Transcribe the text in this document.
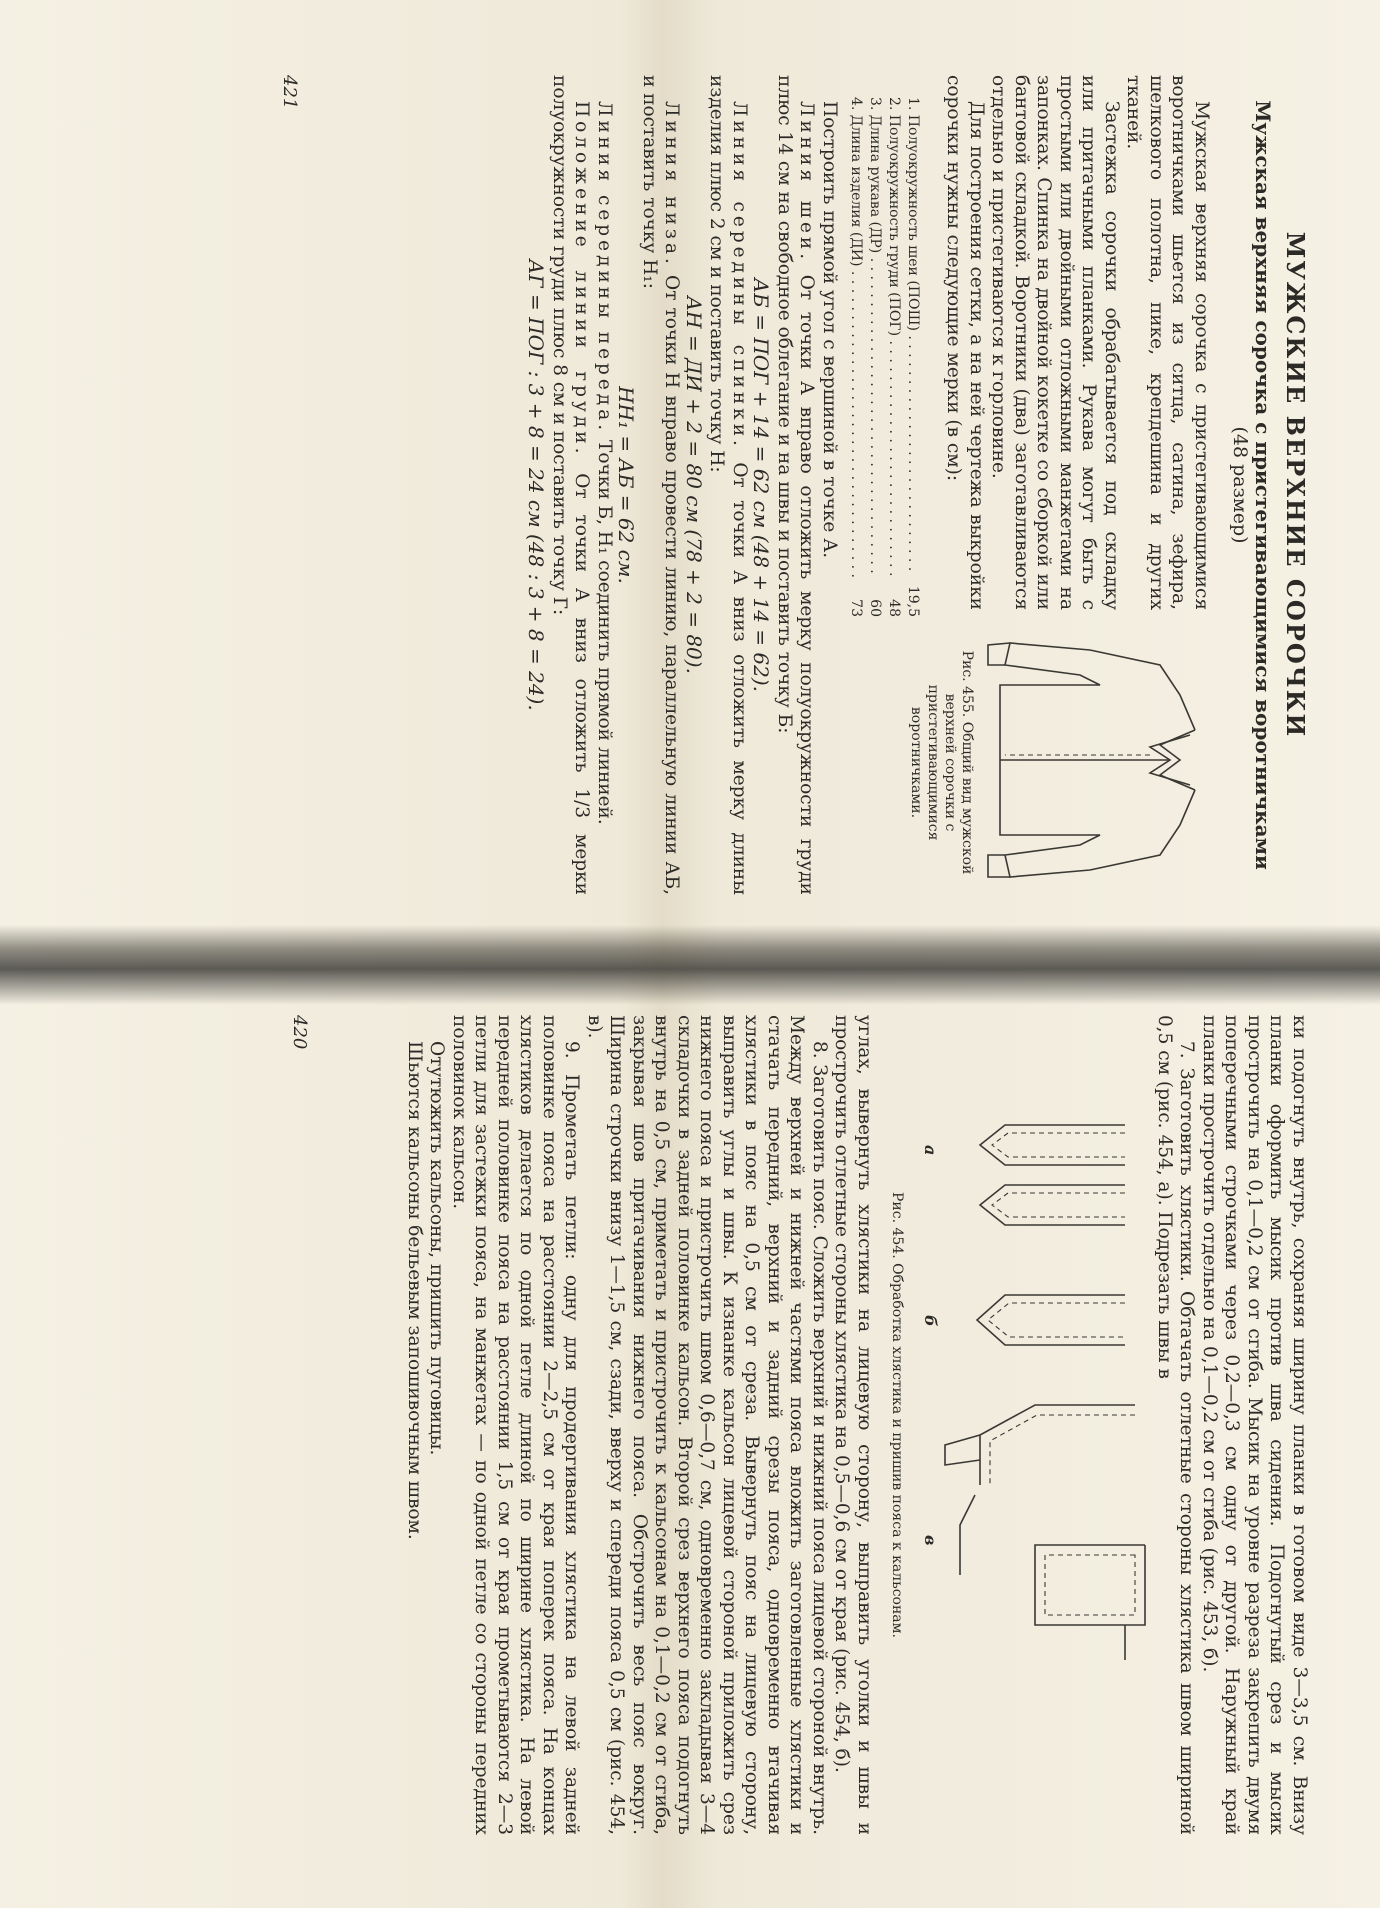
ки подогнуть внутрь, сохраняя ширину планки в готовом виде 3—3,5 см. Внизу планки оформить мысик против шва сидения. Подогнутый срез и мысик прострочить на 0,1—0,2 см от сгиба. Мысик на уровне разреза закрепить двумя поперечными строчками через 0,2—0,3 см одну от другой. Наружный край планки прострочить отдельно на 0,1—0,2 см от сгиба (рис. 453, б).

7. Заготовить хлястики. Обтачать отлетные стороны хлястика швом шириной 0,5 см (рис. 454, а). Подрезать швы в

а
б
в
Рис. 454. Обработка хлястика и пришив пояса к кальсонам.

углах, вывернуть хлястики на лицевую сторону, выправить уголки и швы и прострочить отлетные стороны хлястика на 0,5—0,6 см от края (рис. 454, б).

8. Заготовить пояс. Сложить верхний и нижний пояса лицевой стороной внутрь. Между верхней и нижней частями пояса вложить заготовленные хлястики и стачать передний, верхний и задний срезы пояса, одновременно втачивая хлястики в пояс на 0,5 см от среза. Вывернуть пояс на лицевую сторону, выправить углы и швы. К изнанке кальсон лицевой стороной приложить срез нижнего пояса и пристрочить швом 0,6—0,7 см, одновременно закладывая 3—4 складочки в задней половинке кальсон. Второй срез верхнего пояса подогнуть внутрь на 0,5 см, приметать и пристрочить к кальсонам на 0,1—0,2 см от сгиба, закрывая шов притачивания нижнего пояса. Обстрочить весь пояс вокруг. Ширина строчки внизу 1—1,5 см, сзади, вверху и спереди пояса 0,5 см (рис. 454, в).

9. Прометать петли: одну для продергивания хлястика на левой задней половинке пояса на расстоянии 2—2,5 см от края поперек пояса. На концах хлястиков делается по одной петле длиной по ширине хлястика. На левой передней половинке пояса на расстоянии 1,5 см от края прометываются 2—3 петли для застежки пояса, на манжетах — по одной петле со стороны передних половинок кальсон.

Отутюжить кальсоны, пришить пуговицы.

Шьются кальсоны бельевым запошивочным швом.

420
МУЖСКИЕ ВЕРХНИЕ СОРОЧКИ
Мужская верхняя сорочка с пристегивающимися воротничками
(48 размер)

Мужская верхняя сорочка с пристегивающимися воротничками шьется из ситца, сатина, зефира, шелкового полотна, пике, крепдешина и других тканей.

Застежка сорочки обрабатывается под складку или притачными планками. Рукава могут быть с простыми или двойными отложными манжетами на запонках. Спинка на двойной кокетке со сборкой или бантовой складкой. Воротники (два) заготавливаются отдельно и пристегиваются к горловине.

Для построения сетки, а на ней чертежа выкройки сорочки нужны следующие мерки (в см):

Рис. 455. Общий вид мужской верхней сорочки с пристегивающимися воротничками.
1. Полуокружность шеи (ПОШ) . . .
19,5
2. Полуокружность груди (ПОГ) . . .
48
3. Длина рукава (ДР) . . .
60
4. Длина изделия (ДИ) . . .
73

Построить прямой угол с вершиной в точке А.

Линия шеи. От точки А вправо отложить мерку полуокружности груди плюс 14 см на свободное облегание и на швы и поставить точку Б:

АБ = ПОГ + 14 = 62 см (48 + 14 = 62).

Линия середины спинки. От точки А вниз отложить мерку длины изделия плюс 2 см и поставить точку Н:

АН = ДИ + 2 = 80 см (78 + 2 = 80).

Линия низа. От точки Н вправо провести линию, параллельную линии АБ, и поставить точку Н₁:

НН₁ = АБ = 62 см.

Линия середины переда. Точки Б, Н₁ соединить прямой линией.

Положение линии груди. От точки А вниз отложить 1/3 мерки полуокружности груди плюс 8 см и поставить точку Г:

АГ = ПОГ : 3 + 8 = 24 см (48 : 3 + 8 = 24).

421
